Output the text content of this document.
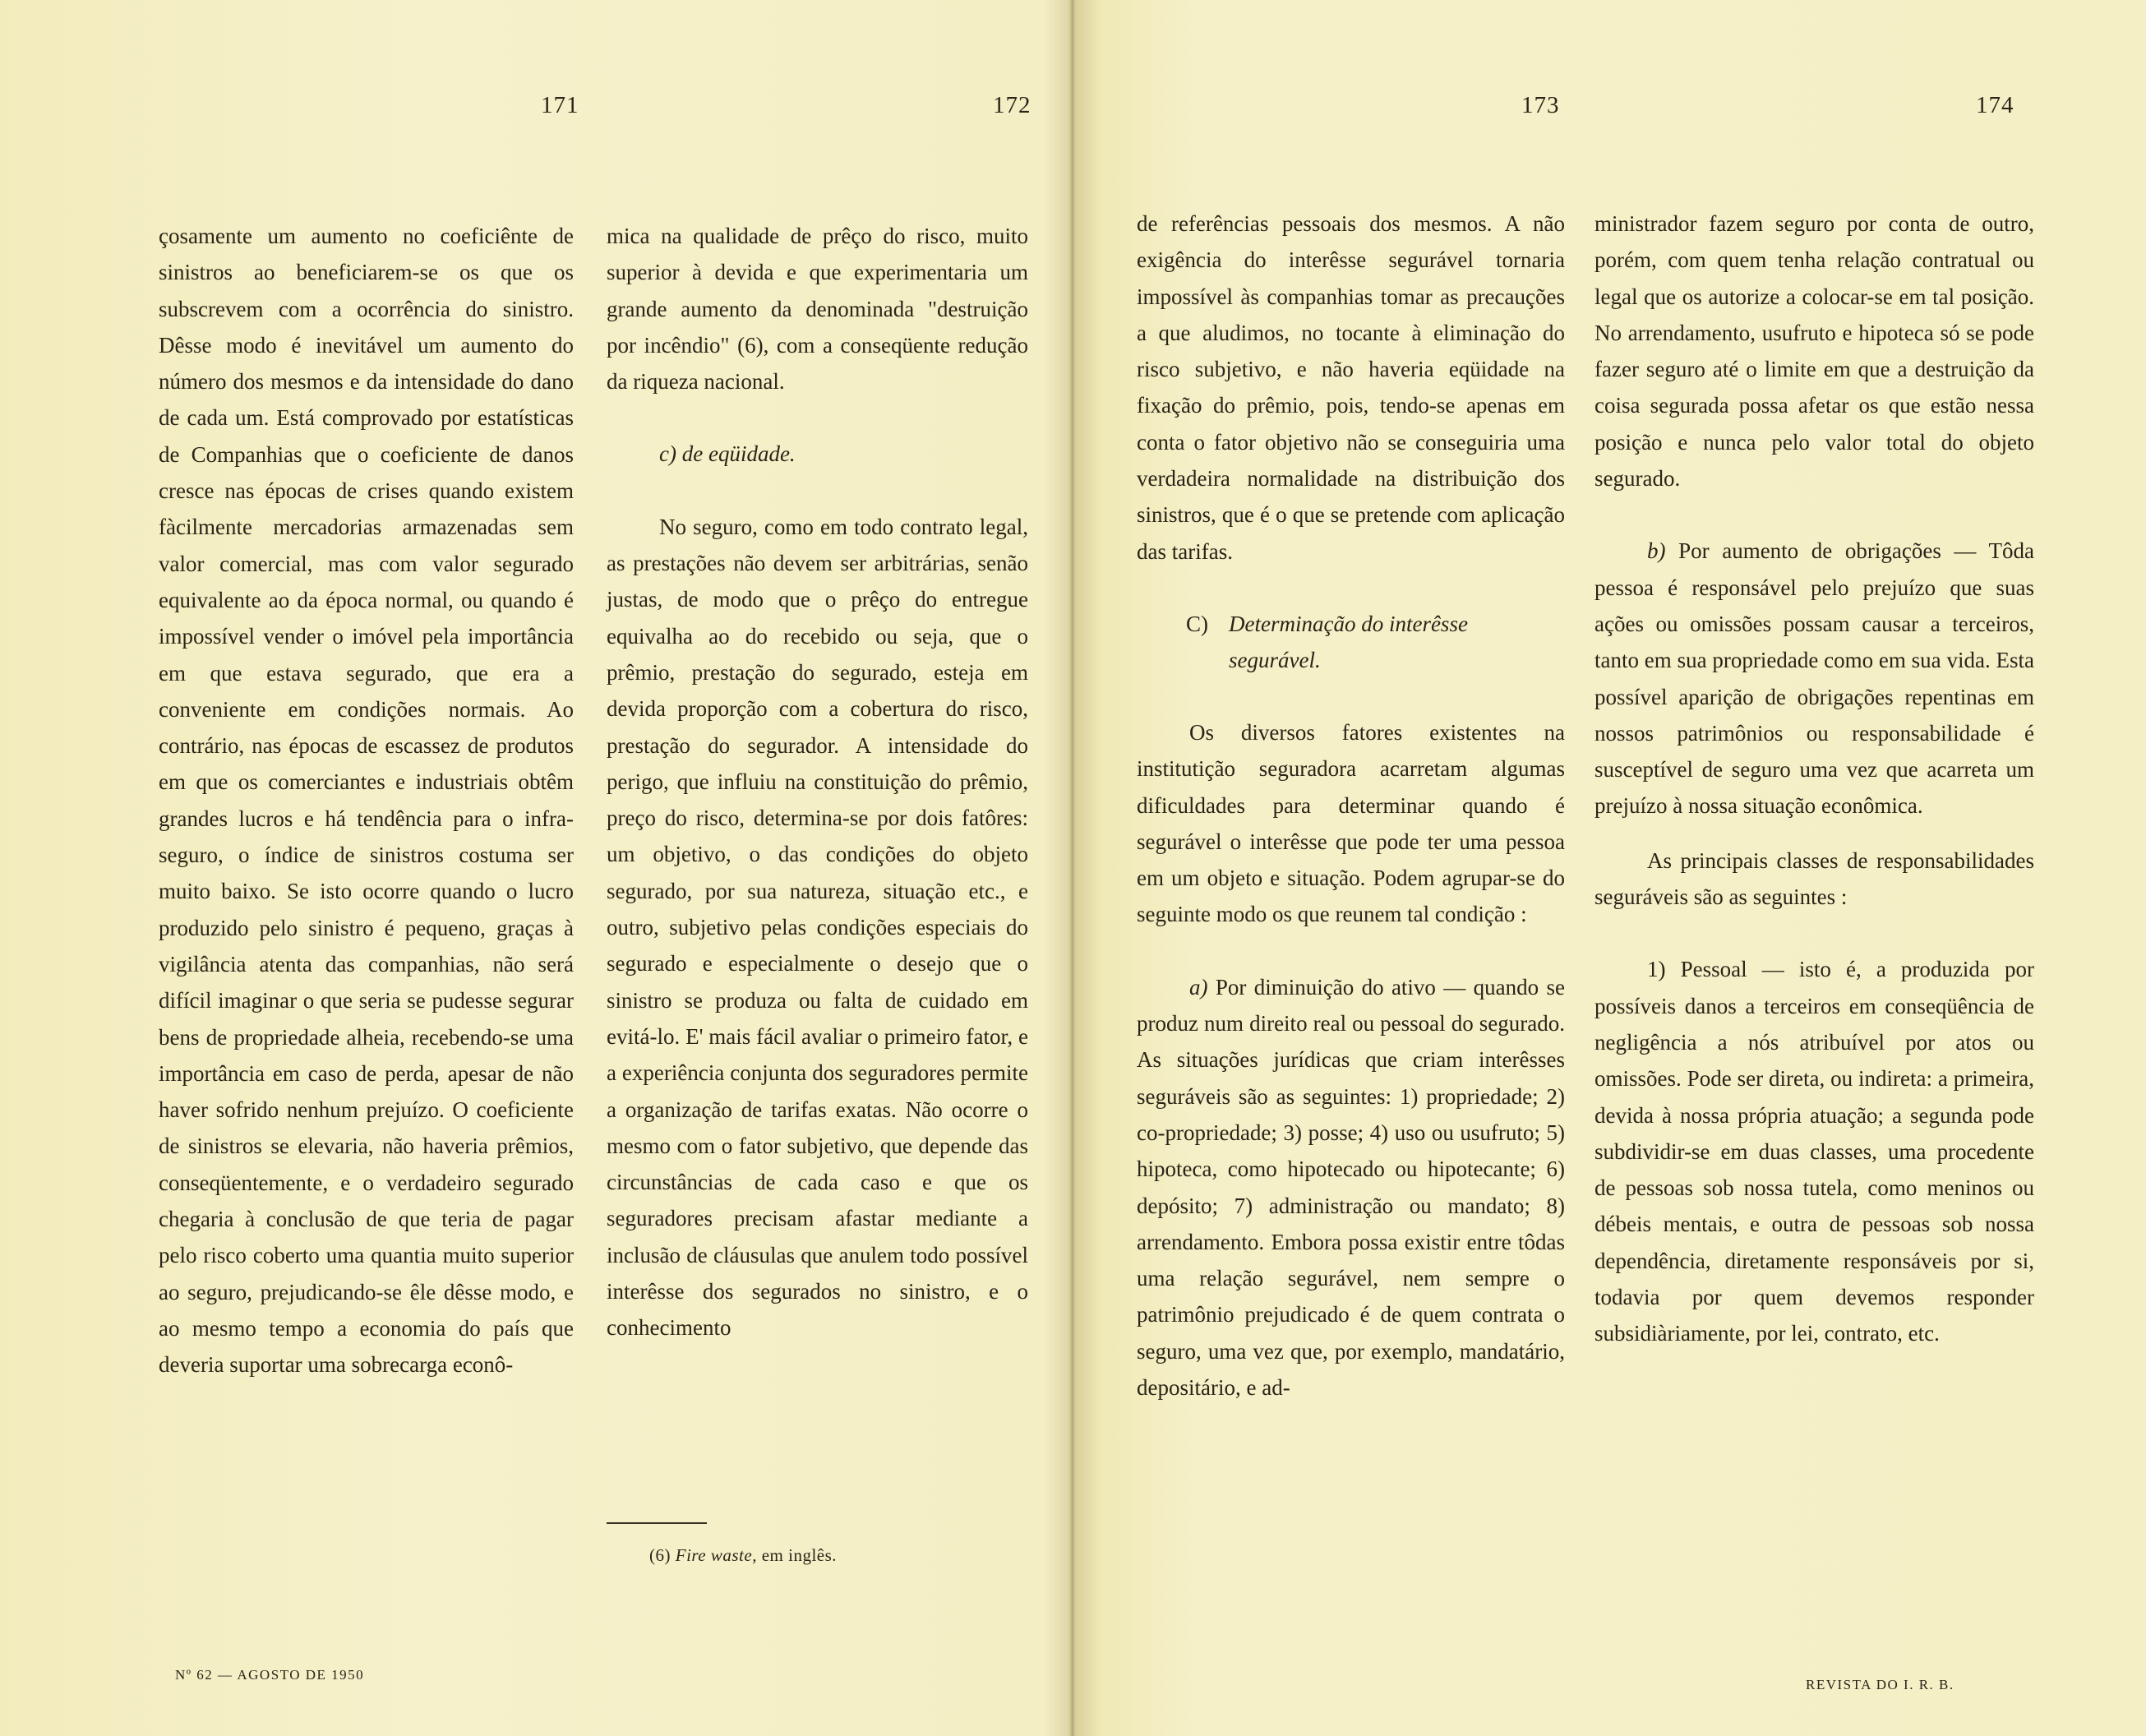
171	172	173	174

çosamente um aumento no coeficiênte de sinistros ao beneficiarem-se os que os subscrevem com a ocorrência do sinistro. Dêsse modo é inevitável um aumento do número dos mesmos e da intensidade do dano de cada um. Está comprovado por estatísticas de Companhias que o coeficiente de danos cresce nas épocas de crises quando existem fàcilmente mercadorias armazenadas sem valor comercial, mas com valor segurado equivalente ao da época normal, ou quando é impossível vender o imóvel pela importância em que estava segurado, que era a conveniente em condições normais. Ao contrário, nas épocas de escassez de produtos em que os comerciantes e industriais obtêm grandes lucros e há tendência para o infra-seguro, o índice de sinistros costuma ser muito baixo. Se isto ocorre quando o lucro produzido pelo sinistro é pequeno, graças à vigilância atenta das companhias, não será difícil imaginar o que seria se pudesse segurar bens de propriedade alheia, recebendo-se uma importância em caso de perda, apesar de não haver sofrido nenhum prejuízo. O coeficiente de sinistros se elevaria, não haveria prêmios, conseqüentemente, e o verdadeiro segurado chegaria à conclusão de que teria de pagar pelo risco coberto uma quantia muito superior ao seguro, prejudicando-se êle dêsse modo, e ao mesmo tempo a economia do país que deveria suportar uma sobrecarga econô-

mica na qualidade de prêço do risco, muito superior à devida e que experimentaria um grande aumento da denominada "destruição por incêndio" (6), com a conseqüente redução da riqueza nacional.

c) de eqüidade.

No seguro, como em todo contrato legal, as prestações não devem ser arbitrárias, senão justas, de modo que o prêço do entregue equivalha ao do recebido ou seja, que o prêmio, prestação do segurado, esteja em devida proporção com a cobertura do risco, prestação do segurador. A intensidade do perigo, que influiu na constituição do prêmio, preço do risco, determina-se por dois fatôres: um objetivo, o das condições do objeto segurado, por sua natureza, situação etc., e outro, subjetivo pelas condições especiais do segurado e especialmente o desejo que o sinistro se produza ou falta de cuidado em evitá-lo. E' mais fácil avaliar o primeiro fator, e a experiência conjunta dos seguradores permite a organização de tarifas exatas. Não ocorre o mesmo com o fator subjetivo, que depende das circunstâncias de cada caso e que os seguradores precisam afastar mediante a inclusão de cláusulas que anulem todo possível interêsse dos segurados no sinistro, e o conhecimento

(6) Fire waste, em inglês.

de referências pessoais dos mesmos. A não exigência do interêsse segurável tornaria impossível às companhias tomar as precauções a que aludimos, no tocante à eliminação do risco subjetivo, e não haveria eqüidade na fixação do prêmio, pois, tendo-se apenas em conta o fator objetivo não se conseguiria uma verdadeira normalidade na distribuição dos sinistros, que é o que se pretende com aplicação das tarifas.

C) Determinação do interêsse segurável.

Os diversos fatores existentes na institutição seguradora acarretam algumas dificuldades para determinar quando é segurável o interêsse que pode ter uma pessoa em um objeto e situação. Podem agrupar-se do seguinte modo os que reunem tal condição :

a) Por diminuição do ativo — quando se produz num direito real ou pessoal do segurado. As situações jurídicas que criam interêsses seguráveis são as seguintes: 1) propriedade; 2) co-propriedade; 3) posse; 4) uso ou usufruto; 5) hipoteca, como hipotecado ou hipotecante; 6) depósito; 7) administração ou mandato; 8) arrendamento. Embora possa existir entre tôdas uma relação segurável, nem sempre o patrimônio prejudicado é de quem contrata o seguro, uma vez que, por exemplo, mandatário, depositário, e ad-

ministrador fazem seguro por conta de outro, porém, com quem tenha relação contratual ou legal que os autorize a colocar-se em tal posição. No arrendamento, usufruto e hipoteca só se pode fazer seguro até o limite em que a destruição da coisa segurada possa afetar os que estão nessa posição e nunca pelo valor total do objeto segurado.

b) Por aumento de obrigações — Tôda pessoa é responsável pelo prejuízo que suas ações ou omissões possam causar a terceiros, tanto em sua propriedade como em sua vida. Esta possível aparição de obrigações repentinas em nossos patrimônios ou responsabilidade é susceptível de seguro uma vez que acarreta um prejuízo à nossa situação econômica.

As principais classes de responsabilidades seguráveis são as seguintes :

1) Pessoal — isto é, a produzida por possíveis danos a terceiros em conseqüência de negligência a nós atribuível por atos ou omissões. Pode ser direta, ou indireta: a primeira, devida à nossa própria atuação; a segunda pode subdividir-se em duas classes, uma procedente de pessoas sob nossa tutela, como meninos ou débeis mentais, e outra de pessoas sob nossa dependência, diretamente responsáveis por si, todavia por quem devemos responder subsidiàriamente, por lei, contrato, etc.

Nº 62 — AGOSTO DE 1950
REVISTA DO I. R. B.
